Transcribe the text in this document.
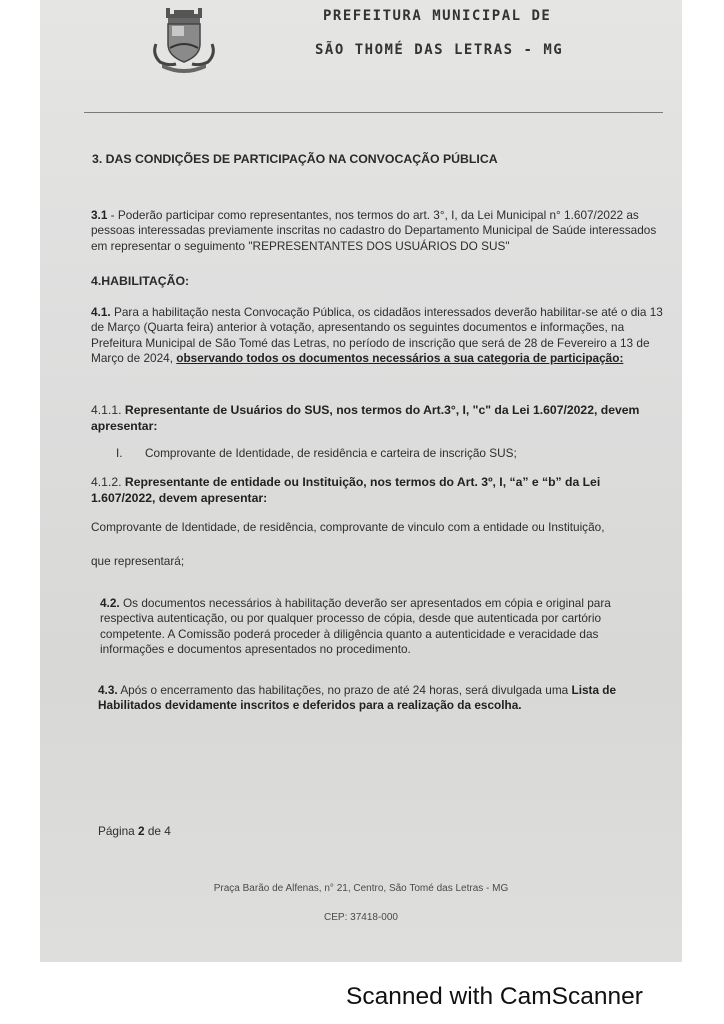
PREFEITURA MUNICIPAL DE
SÃO THOMÉ DAS LETRAS - MG
3. DAS CONDIÇÕES DE PARTICIPAÇÃO NA CONVOCAÇÃO PÚBLICA
3.1 - Poderão participar como representantes, nos termos do art. 3°, I, da Lei Municipal n° 1.607/2022 as pessoas interessadas previamente inscritas no cadastro do Departamento Municipal de Saúde interessados em representar o seguimento "REPRESENTANTES DOS USUÁRIOS DO SUS"
4.HABILITAÇÃO:
4.1. Para a habilitação nesta Convocação Pública, os cidadãos interessados deverão habilitar-se até o dia 13 de Março (Quarta feira) anterior à votação, apresentando os seguintes documentos e informações, na Prefeitura Municipal de São Tomé das Letras, no período de inscrição que será de 28 de Fevereiro a 13 de Março de 2024, observando todos os documentos necessários a sua categoria de participação:
4.1.1. Representante de Usuários do SUS, nos termos do Art.3°, I, "c" da Lei 1.607/2022, devem apresentar:
I. Comprovante de Identidade, de residência e carteira de inscrição SUS;
4.1.2. Representante de entidade ou Instituição, nos termos do Art. 3º, I, “a” e “b” da Lei 1.607/2022, devem apresentar:
Comprovante de Identidade, de residência, comprovante de vinculo com a entidade ou Instituição,
que representará;
4.2. Os documentos necessários à habilitação deverão ser apresentados em cópia e original para respectiva autenticação, ou por qualquer processo de cópia, desde que autenticada por cartório competente. A Comissão poderá proceder à diligência quanto a autenticidade e veracidade das informações e documentos apresentados no procedimento.
4.3. Após o encerramento das habilitações, no prazo de até 24 horas, será divulgada uma Lista de Habilitados devidamente inscritos e deferidos para a realização da escolha.
Página 2 de 4
Praça Barão de Alfenas, n° 21, Centro, São Tomé das Letras - MG
CEP: 37418-000
Scanned with CamScanner
